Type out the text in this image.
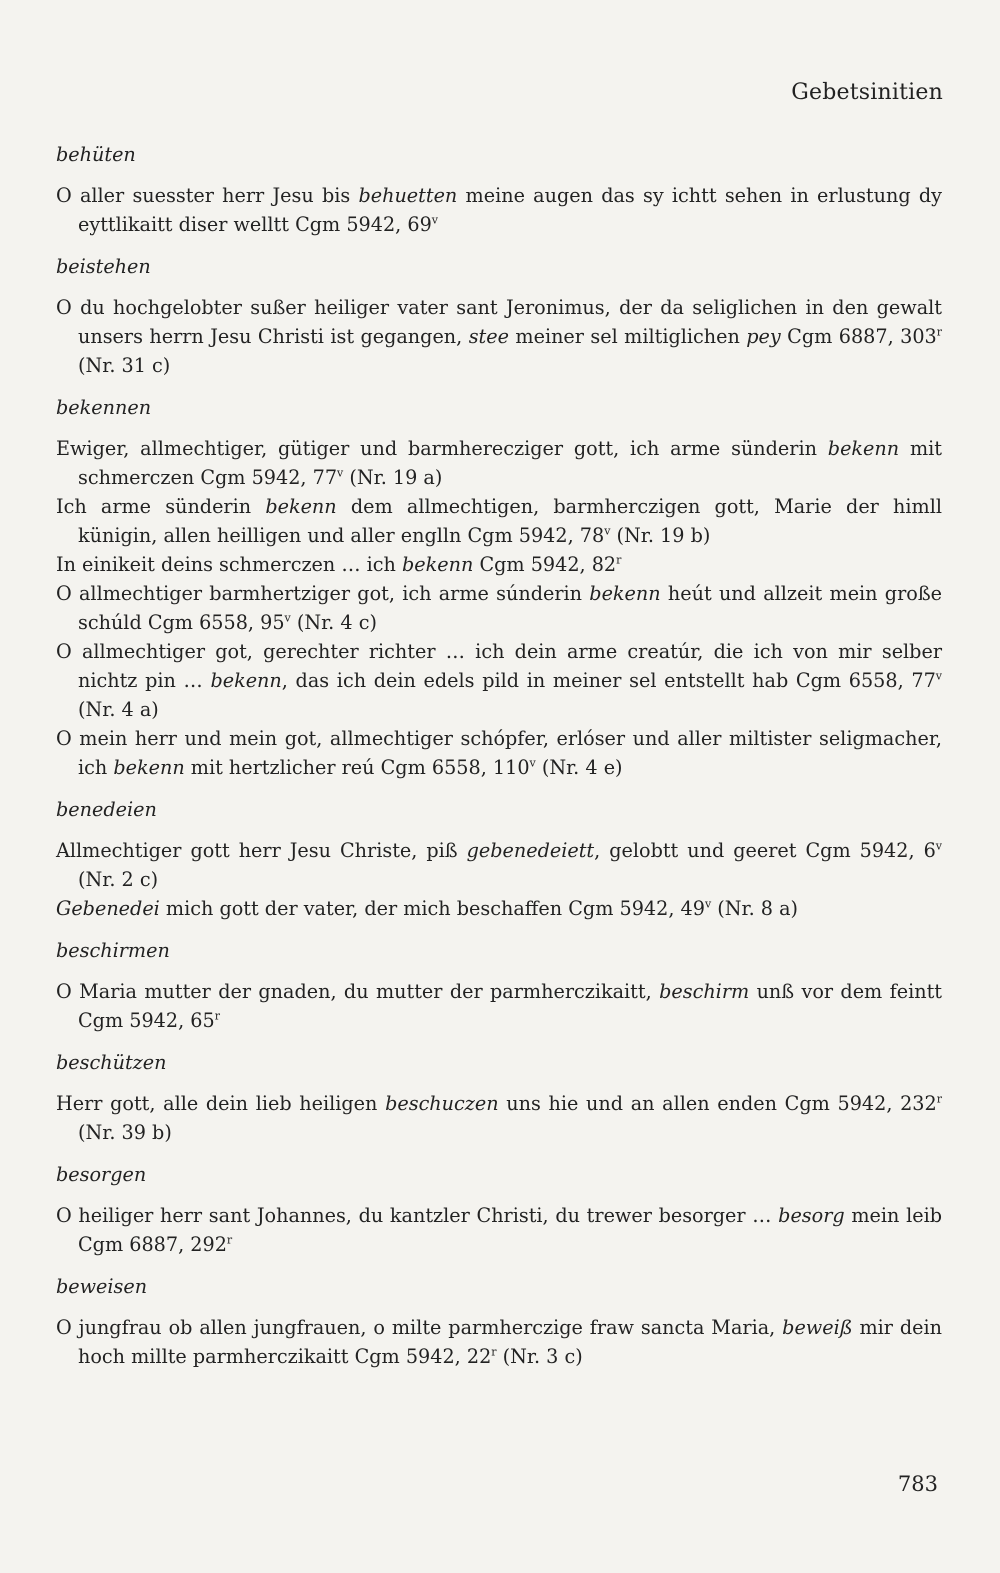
Gebetsinitien
behüten
O aller suesster herr Jesu bis behuetten meine augen das sy ichtt sehen in erlustung dy eyttlikaitt diser welltt Cgm 5942, 69$^v$
beistehen
O du hochgelobter sußer heiliger vater sant Jeronimus, der da seliglichen in den gewalt unsers herrn Jesu Christi ist gegangen, stee meiner sel miltiglichen pey Cgm 6887, 303$^r$ (Nr. 31 c)
bekennen
Ewiger, allmechtiger, gütiger und barmherecziger gott, ich arme sünderin bekenn mit schmerczen Cgm 5942, 77$^v$ (Nr. 19 a)
Ich arme sünderin bekenn dem allmechtigen, barmherczigen gott, Marie der himll künigin, allen heilligen und aller englln Cgm 5942, 78$^v$ (Nr. 19 b)
In einikeit deins schmerczen … ich bekenn Cgm 5942, 82$^r$
O allmechtiger barmhertziger got, ich arme súnderin bekenn heút und allzeit mein große schúld Cgm 6558, 95$^v$ (Nr. 4 c)
O allmechtiger got, gerechter richter … ich dein arme creatúr, die ich von mir selber nichtz pin … bekenn, das ich dein edels pild in meiner sel entstellt hab Cgm 6558, 77$^v$ (Nr. 4 a)
O mein herr und mein got, allmechtiger schópfer, erlóser und aller miltister seligmacher, ich bekenn mit hertzlicher reú Cgm 6558, 110$^v$ (Nr. 4 e)
benedeien
Allmechtiger gott herr Jesu Christe, piß gebenedeiett, gelobtt und geeret Cgm 5942, 6$^v$ (Nr. 2 c)
Gebenedei mich gott der vater, der mich beschaffen Cgm 5942, 49$^v$ (Nr. 8 a)
beschirmen
O Maria mutter der gnaden, du mutter der parmherczikaitt, beschirm unß vor dem feintt Cgm 5942, 65$^r$
beschützen
Herr gott, alle dein lieb heiligen beschuczen uns hie und an allen enden Cgm 5942, 232$^r$ (Nr. 39 b)
besorgen
O heiliger herr sant Johannes, du kantzler Christi, du trewer besorger … besorg mein leib Cgm 6887, 292$^r$
beweisen
O jungfrau ob allen jungfrauen, o milte parmherczige fraw sancta Maria, beweiß mir dein hoch millte parmherczikaitt Cgm 5942, 22$^r$ (Nr. 3 c)
783
